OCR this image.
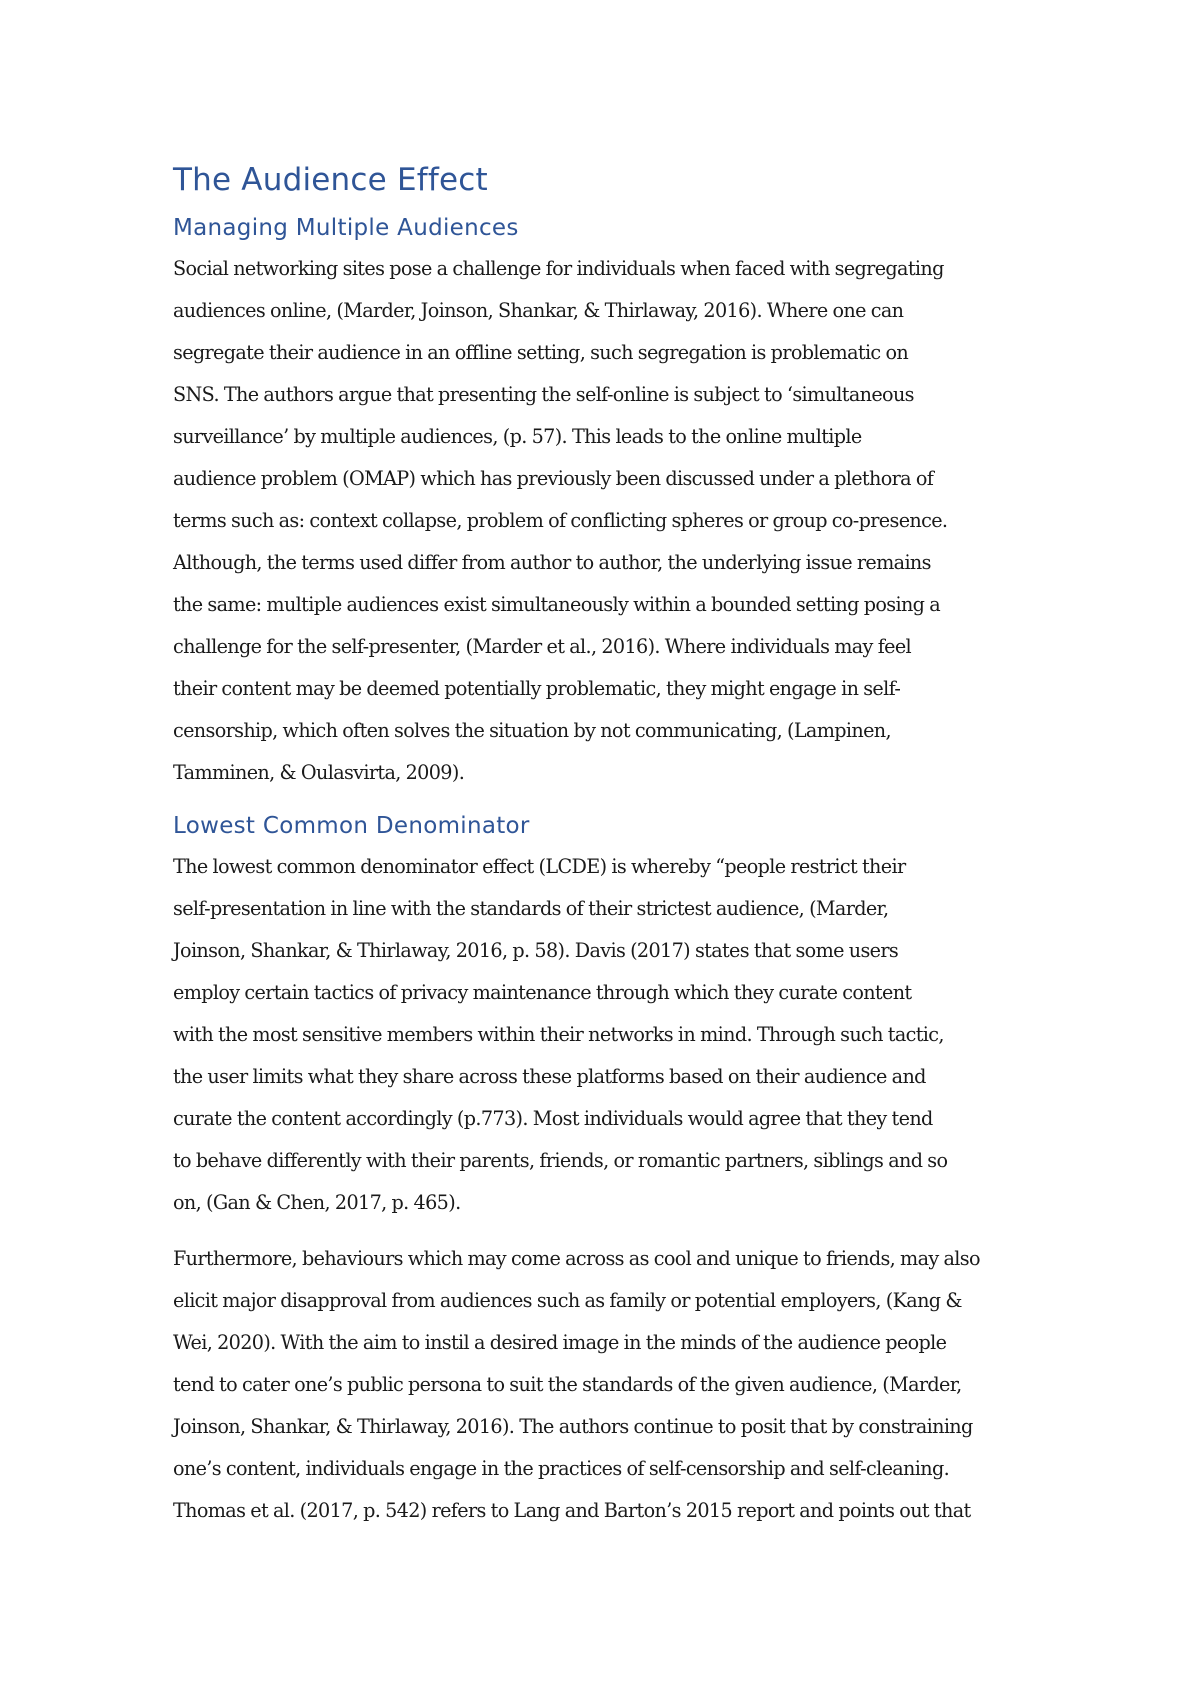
The Audience Effect
Managing Multiple Audiences

Social networking sites pose a challenge for individuals when faced with segregating
audiences online, (Marder, Joinson, Shankar, & Thirlaway, 2016). Where one can
segregate their audience in an offline setting, such segregation is problematic on
SNS. The authors argue that presenting the self-online is subject to ‘simultaneous
surveillance’ by multiple audiences, (p. 57). This leads to the online multiple
audience problem (OMAP) which has previously been discussed under a plethora of
terms such as: context collapse, problem of conflicting spheres or group co-presence.
Although, the terms used differ from author to author, the underlying issue remains
the same: multiple audiences exist simultaneously within a bounded setting posing a
challenge for the self-presenter, (Marder et al., 2016). Where individuals may feel
their content may be deemed potentially problematic, they might engage in self-
censorship, which often solves the situation by not communicating, (Lampinen,
Tamminen, & Oulasvirta, 2009).

Lowest Common Denominator

The lowest common denominator effect (LCDE) is whereby “people restrict their
self-presentation in line with the standards of their strictest audience, (Marder,
Joinson, Shankar, & Thirlaway, 2016, p. 58). Davis (2017) states that some users
employ certain tactics of privacy maintenance through which they curate content
with the most sensitive members within their networks in mind. Through such tactic,
the user limits what they share across these platforms based on their audience and
curate the content accordingly (p.773). Most individuals would agree that they tend
to behave differently with their parents, friends, or romantic partners, siblings and so
on, (Gan & Chen, 2017, p. 465).

Furthermore, behaviours which may come across as cool and unique to friends, may also
elicit major disapproval from audiences such as family or potential employers, (Kang &
Wei, 2020). With the aim to instil a desired image in the minds of the audience people
tend to cater one’s public persona to suit the standards of the given audience, (Marder,
Joinson, Shankar, & Thirlaway, 2016). The authors continue to posit that by constraining
one’s content, individuals engage in the practices of self-censorship and self-cleaning.
Thomas et al. (2017, p. 542) refers to Lang and Barton’s 2015 report and points out that
